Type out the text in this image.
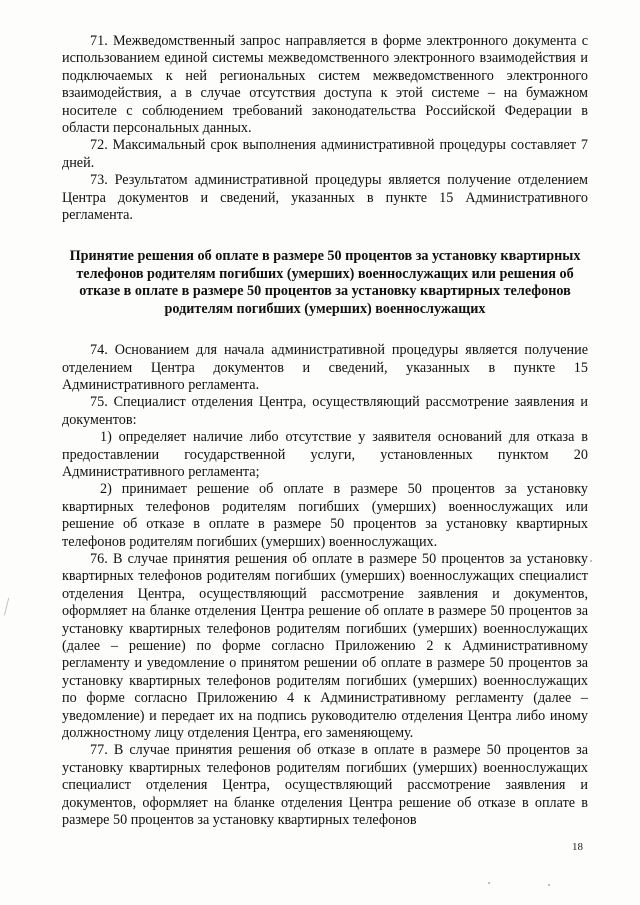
71. Межведомственный запрос направляется в форме электронного документа с использованием единой системы межведомственного электронного взаимодействия и подключаемых к ней региональных систем межведомственного электронного взаимодействия, а в случае отсутствия доступа к этой системе – на бумажном носителе с соблюдением требований законодательства Российской Федерации в области персональных данных.

72. Максимальный срок выполнения административной процедуры составляет 7 дней.

73. Результатом административной процедуры является получение отделением Центра документов и сведений, указанных в пункте 15 Административного регламента.

Принятие решения об оплате в размере 50 процентов за установку квартирных телефонов родителям погибших (умерших) военнослужащих или решения об отказе в оплате в размере 50 процентов за установку квартирных телефонов родителям погибших (умерших) военнослужащих

74. Основанием для начала административной процедуры является получение отделением Центра документов и сведений, указанных в пункте 15 Административного регламента.

75. Специалист отделения Центра, осуществляющий рассмотрение заявления и документов:

1) определяет наличие либо отсутствие у заявителя оснований для отказа в предоставлении государственной услуги, установленных пунктом 20 Административного регламента;

2) принимает решение об оплате в размере 50 процентов за установку квартирных телефонов родителям погибших (умерших) военнослужащих или решение об отказе в оплате в размере 50 процентов за установку квартирных телефонов родителям погибших (умерших) военнослужащих.

76. В случае принятия решения об оплате в размере 50 процентов за установку квартирных телефонов родителям погибших (умерших) военнослужащих специалист отделения Центра, осуществляющий рассмотрение заявления и документов, оформляет на бланке отделения Центра решение об оплате в размере 50 процентов за установку квартирных телефонов родителям погибших (умерших) военнослужащих (далее – решение) по форме согласно Приложению 2 к Административному регламенту и уведомление о принятом решении об оплате в размере 50 процентов за установку квартирных телефонов родителям погибших (умерших) военнослужащих по форме согласно Приложению 4 к Административному регламенту (далее – уведомление) и передает их на подпись руководителю отделения Центра либо иному должностному лицу отделения Центра, его заменяющему.

77. В случае принятия решения об отказе в оплате в размере 50 процентов за установку квартирных телефонов родителям погибших (умерших) военнослужащих специалист отделения Центра, осуществляющий рассмотрение заявления и документов, оформляет на бланке отделения Центра решение об отказе в оплате в размере 50 процентов за установку квартирных телефонов

18
